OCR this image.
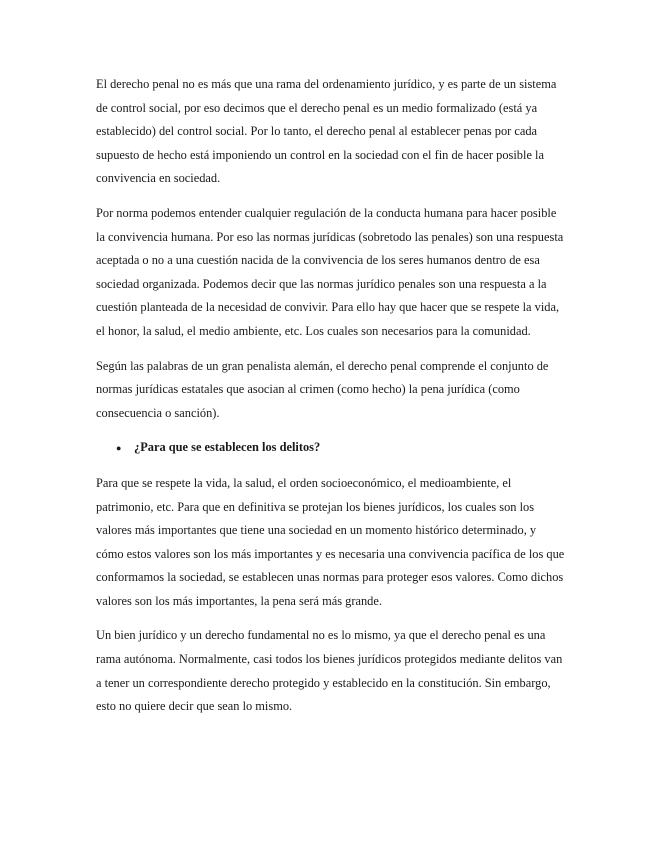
El derecho penal no es más que una rama del ordenamiento jurídico, y es parte de un sistema de control social, por eso decimos que el derecho penal es un medio formalizado (está ya establecido) del control social. Por lo tanto, el derecho penal al establecer penas por cada supuesto de hecho está imponiendo un control en la sociedad con el fin de hacer posible la convivencia en sociedad.

Por norma podemos entender cualquier regulación de la conducta humana para hacer posible la convivencia humana. Por eso las normas jurídicas (sobretodo las penales) son una respuesta aceptada o no a una cuestión nacida de la convivencia de los seres humanos dentro de esa sociedad organizada. Podemos decir que las normas jurídico penales son una respuesta a la cuestión planteada de la necesidad de convivir. Para ello hay que hacer que se respete la vida, el honor, la salud, el medio ambiente, etc. Los cuales son necesarios para la comunidad.

Según las palabras de un gran penalista alemán, el derecho penal comprende el conjunto de normas jurídicas estatales que asocian al crimen (como hecho) la pena jurídica (como consecuencia o sanción).

●	¿Para que se establecen los delitos?

Para que se respete la vida, la salud, el orden socioeconómico, el medioambiente, el patrimonio, etc. Para que en definitiva se protejan los bienes jurídicos, los cuales son los valores más importantes que tiene una sociedad en un momento histórico determinado, y cómo estos valores son los más importantes y es necesaria una convivencia pacífica de los que conformamos la sociedad, se establecen unas normas para proteger esos valores. Como dichos valores son los más importantes, la pena será más grande.

Un bien jurídico y un derecho fundamental no es lo mismo, ya que el derecho penal es una rama autónoma. Normalmente, casi todos los bienes jurídicos protegidos mediante delitos van a tener un correspondiente derecho protegido y establecido en la constitución. Sin embargo, esto no quiere decir que sean lo mismo.
